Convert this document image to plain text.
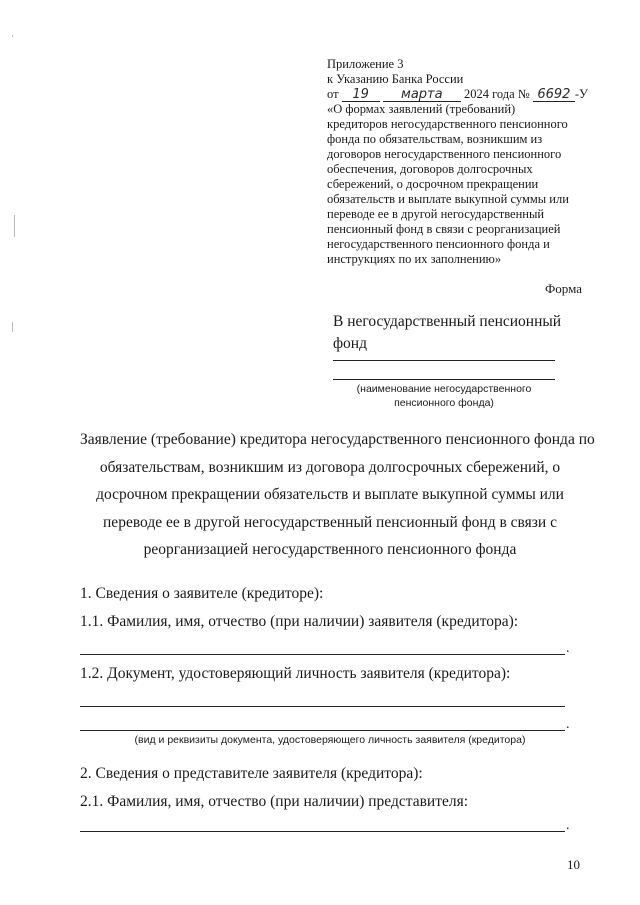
Приложение 3
к Указанию Банка России
от 19 марта 2024 года № 6692 -У
«О формах заявлений (требований)
кредиторов негосударственного пенсионного
фонда по обязательствам, возникшим из
договоров негосударственного пенсионного
обеспечения, договоров долгосрочных
сбережений, о досрочном прекращении
обязательств и выплате выкупной суммы или
переводе ее в другой негосударственный
пенсионный фонд в связи с реорганизацией
негосударственного пенсионного фонда и
инструкциях по их заполнению»
Форма
В негосударственный пенсионный
фонд
(наименование негосударственного
пенсионного фонда)
Заявление (требование) кредитора негосударственного пенсионного фонда по
обязательствам, возникшим из договора долгосрочных сбережений, о
досрочном прекращении обязательств и выплате выкупной суммы или
переводе ее в другой негосударственный пенсионный фонд в связи с
реорганизацией негосударственного пенсионного фонда
1. Сведения о заявителе (кредиторе):
1.1. Фамилия, имя, отчество (при наличии) заявителя (кредитора):
.
1.2. Документ, удостоверяющий личность заявителя (кредитора):
.
(вид и реквизиты документа, удостоверяющего личность заявителя (кредитора)
2. Сведения о представителе заявителя (кредитора):
2.1. Фамилия, имя, отчество (при наличии) представителя:
.
10
